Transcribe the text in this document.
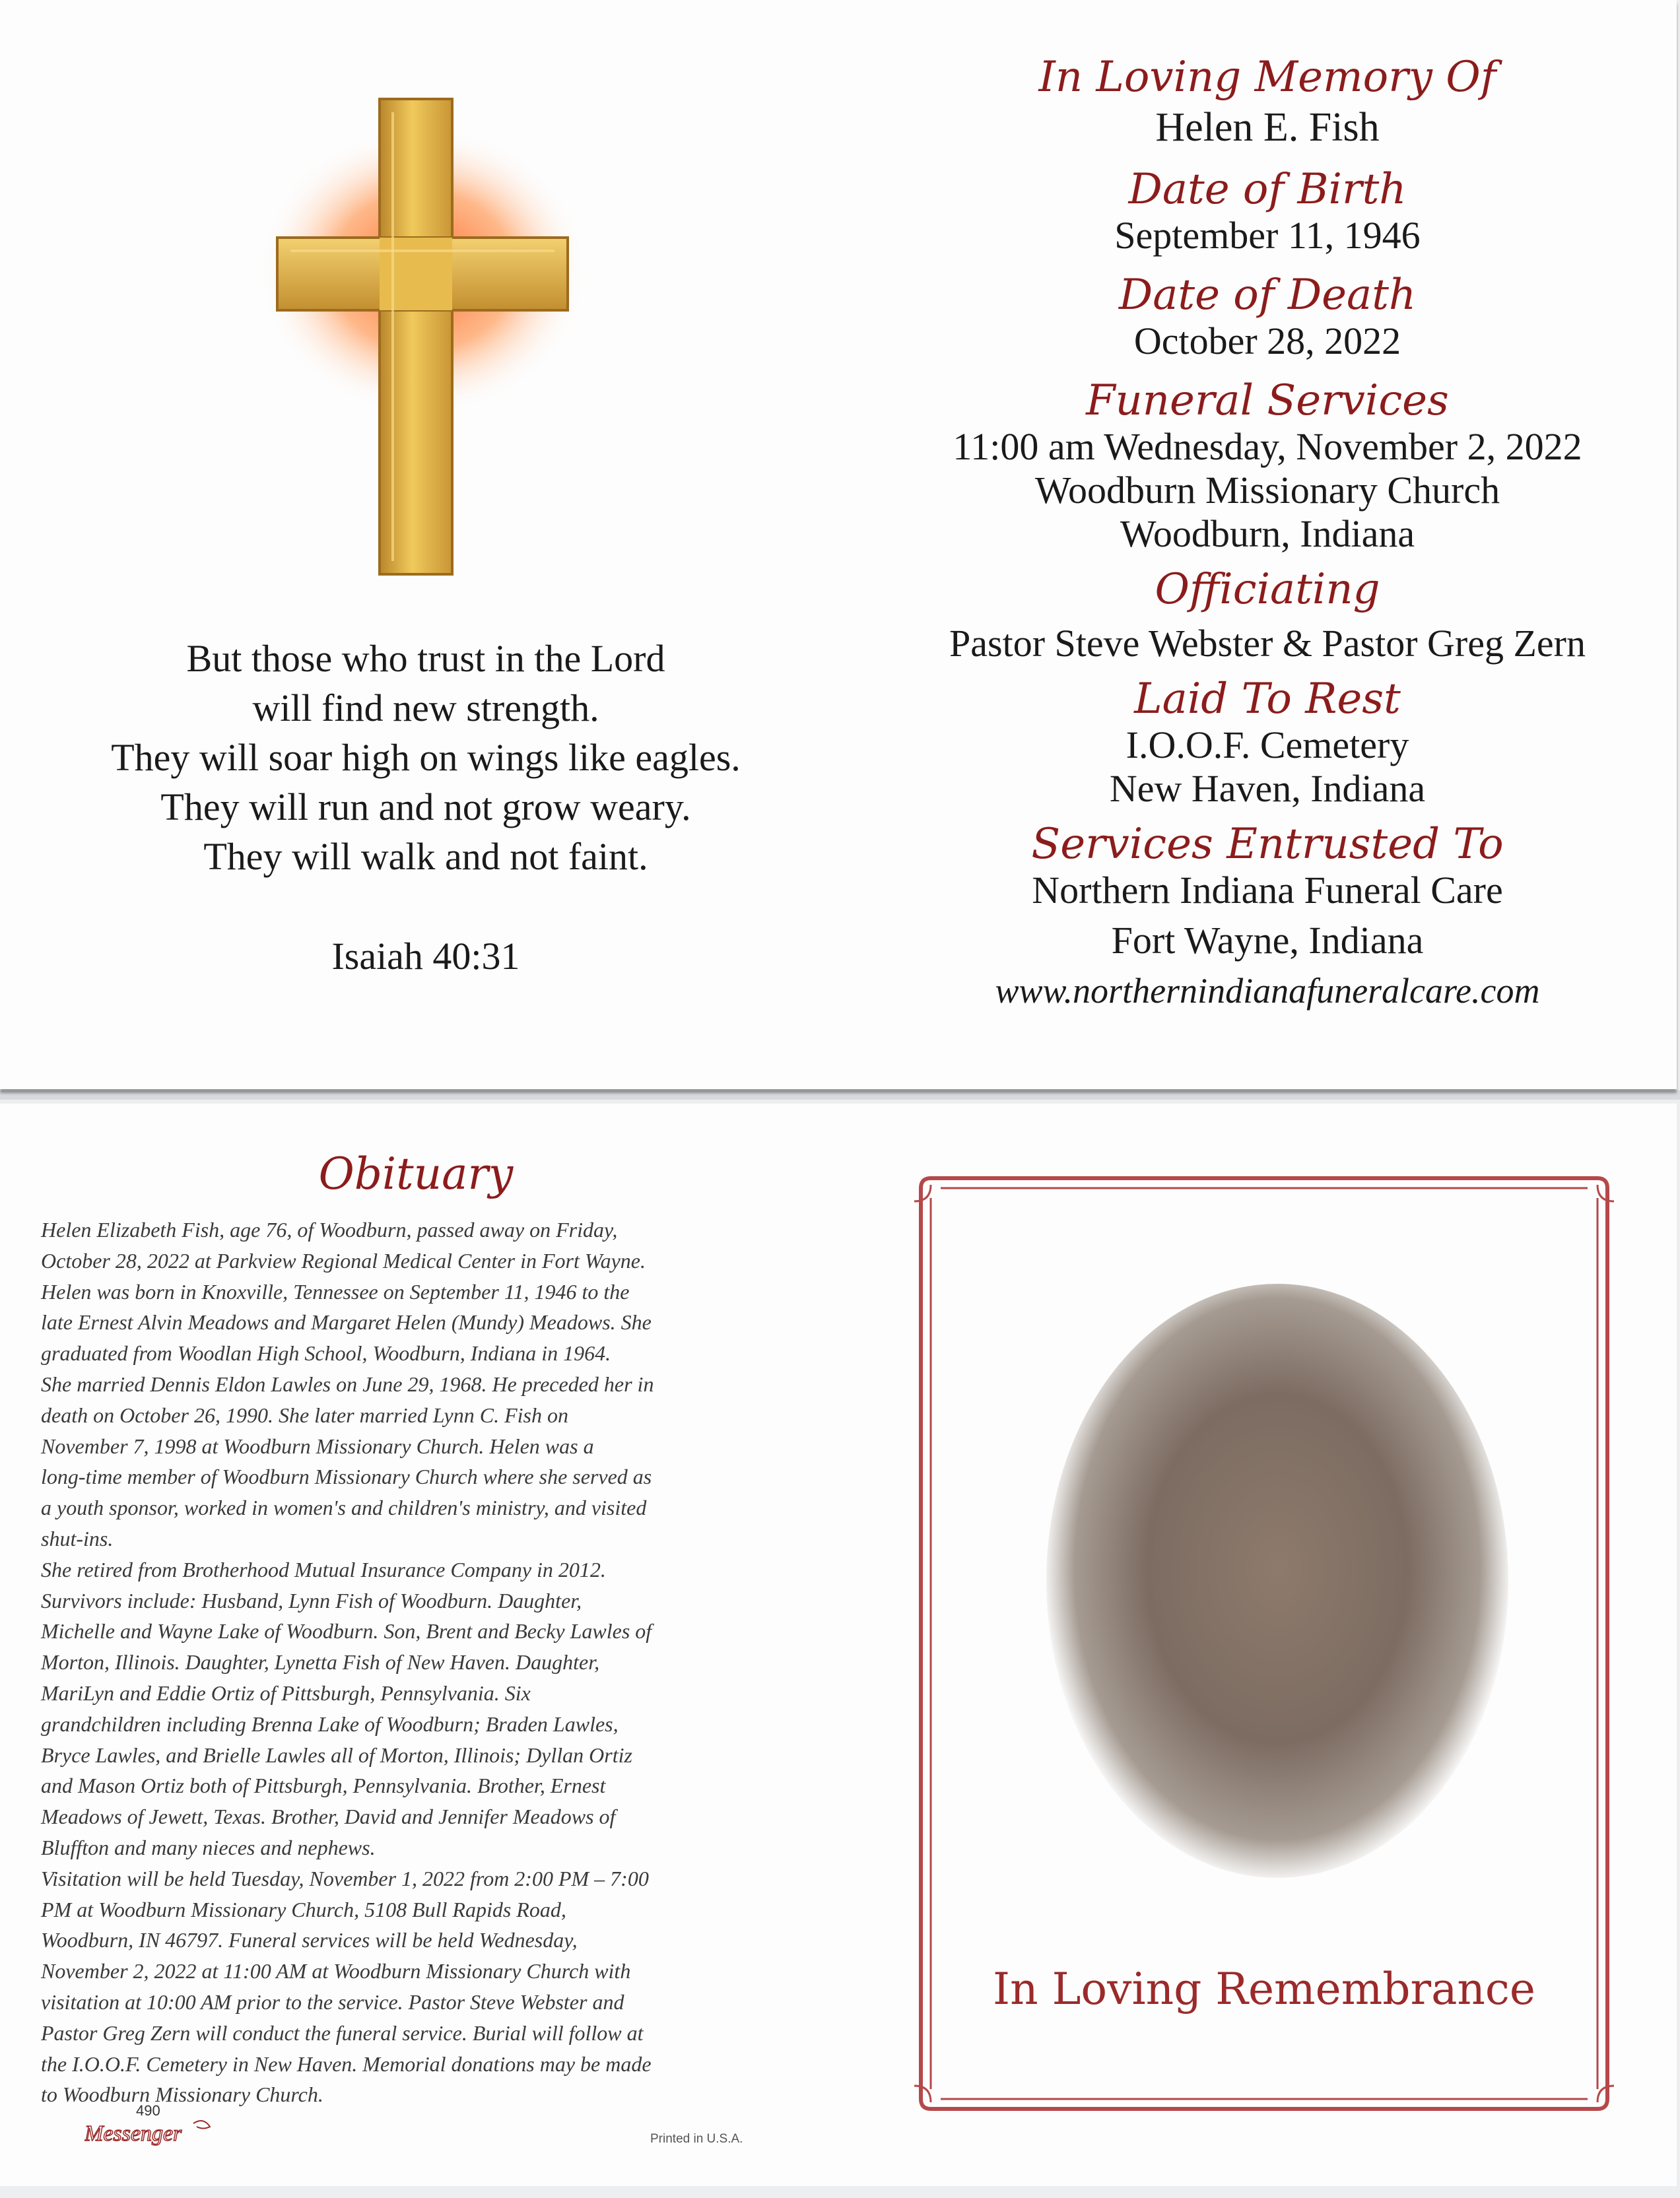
But those who trust in the Lord
will find new strength.
They will soar high on wings like eagles.
They will run and not grow weary.
They will walk and not faint.
Isaiah 40:31
In Loving Memory Of
Helen E. Fish
Date of Birth
September 11, 1946
Date of Death
October 28, 2022
Funeral Services
11:00 am Wednesday, November 2, 2022
Woodburn Missionary Church
Woodburn, Indiana
Officiating
Pastor Steve Webster & Pastor Greg Zern
Laid To Rest
I.O.O.F. Cemetery
New Haven, Indiana
Services Entrusted To
Northern Indiana Funeral Care
Fort Wayne, Indiana
www.northernindianafuneralcare.com
Obituary
Helen Elizabeth Fish, age 76, of Woodburn, passed away on Friday,
October 28, 2022 at Parkview Regional Medical Center in Fort Wayne.
Helen was born in Knoxville, Tennessee on September 11, 1946 to the
late Ernest Alvin Meadows and Margaret Helen (Mundy) Meadows. She
graduated from Woodlan High School, Woodburn, Indiana in 1964.
She married Dennis Eldon Lawles on June 29, 1968. He preceded her in
death on October 26, 1990. She later married Lynn C. Fish on
November 7, 1998 at Woodburn Missionary Church. Helen was a
long-time member of Woodburn Missionary Church where she served as
a youth sponsor, worked in women's and children's ministry, and visited
shut-ins.
She retired from Brotherhood Mutual Insurance Company in 2012.
Survivors include: Husband, Lynn Fish of Woodburn. Daughter,
Michelle and Wayne Lake of Woodburn. Son, Brent and Becky Lawles of
Morton, Illinois. Daughter, Lynetta Fish of New Haven. Daughter,
MariLyn and Eddie Ortiz of Pittsburgh, Pennsylvania. Six
grandchildren including Brenna Lake of Woodburn; Braden Lawles,
Bryce Lawles, and Brielle Lawles all of Morton, Illinois; Dyllan Ortiz
and Mason Ortiz both of Pittsburgh, Pennsylvania. Brother, Ernest
Meadows of Jewett, Texas. Brother, David and Jennifer Meadows of
Bluffton and many nieces and nephews.
Visitation will be held Tuesday, November 1, 2022 from 2:00 PM – 7:00
PM at Woodburn Missionary Church, 5108 Bull Rapids Road,
Woodburn, IN 46797. Funeral services will be held Wednesday,
November 2, 2022 at 11:00 AM at Woodburn Missionary Church with
visitation at 10:00 AM prior to the service. Pastor Steve Webster and
Pastor Greg Zern will conduct the funeral service. Burial will follow at
the I.O.O.F. Cemetery in New Haven. Memorial donations may be made
to Woodburn Missionary Church.
490
Messenger	Printed in U.S.A.
In Loving Remembrance
